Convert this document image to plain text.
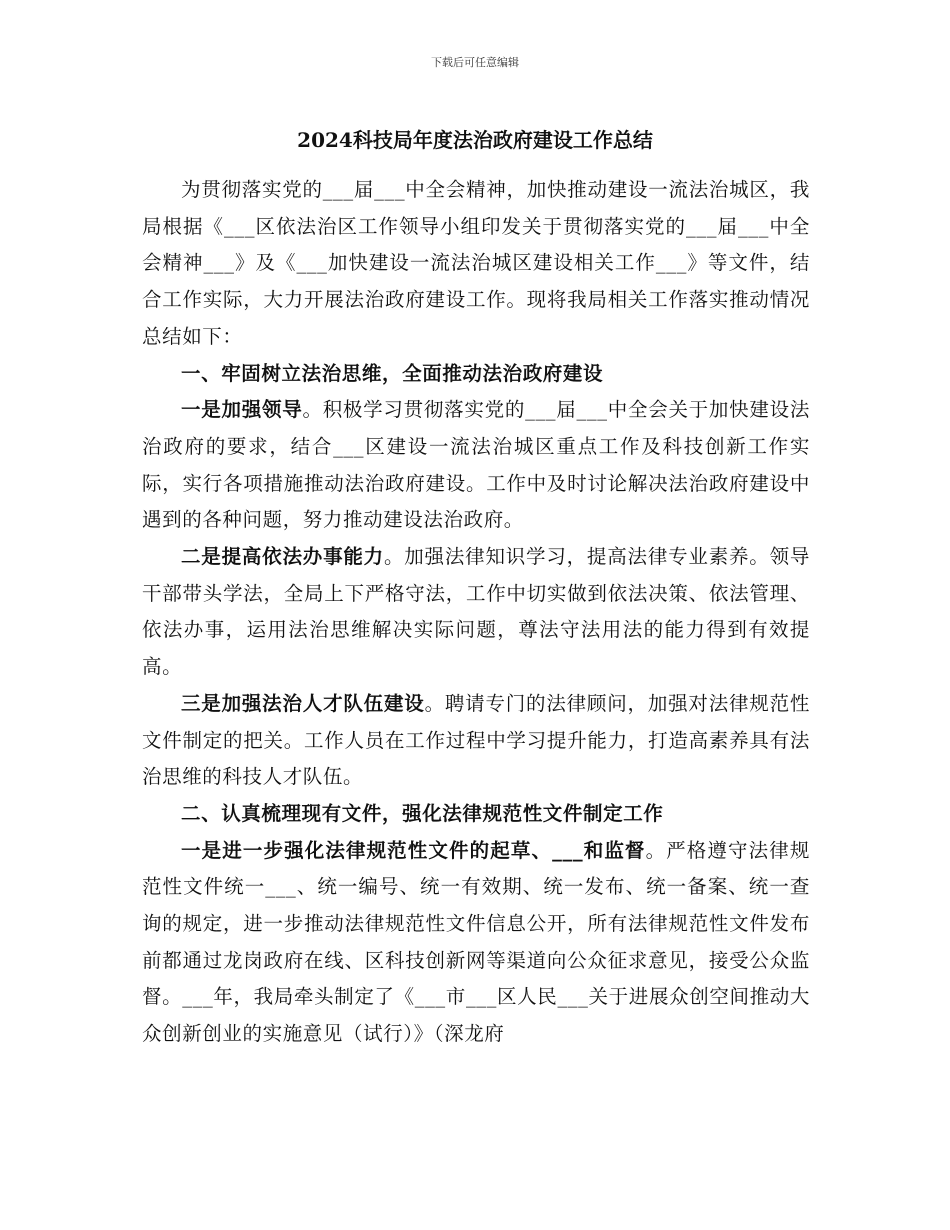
下载后可任意编辑
2024科技局年度法治政府建设工作总结

为贯彻落实党的___届___中全会精神，加快推动建设一流法治城区，我局根据《___区依法治区工作领导小组印发关于贯彻落实党的___届___中全会精神___》及《___加快建设一流法治城区建设相关工作___》等文件，结合工作实际，大力开展法治政府建设工作。现将我局相关工作落实推动情况总结如下：

一、牢固树立法治思维，全面推动法治政府建设

一是加强领导。积极学习贯彻落实党的___届___中全会关于加快建设法治政府的要求，结合___区建设一流法治城区重点工作及科技创新工作实际，实行各项措施推动法治政府建设。工作中及时讨论解决法治政府建设中遇到的各种问题，努力推动建设法治政府。

二是提高依法办事能力。加强法律知识学习，提高法律专业素养。领导干部带头学法，全局上下严格守法，工作中切实做到依法决策、依法管理、依法办事，运用法治思维解决实际问题，尊法守法用法的能力得到有效提高。

三是加强法治人才队伍建设。聘请专门的法律顾问，加强对法律规范性文件制定的把关。工作人员在工作过程中学习提升能力，打造高素养具有法治思维的科技人才队伍。

二、认真梳理现有文件，强化法律规范性文件制定工作

一是进一步强化法律规范性文件的起草、___和监督。严格遵守法律规范性文件统一___、统一编号、统一有效期、统一发布、统一备案、统一查询的规定，进一步推动法律规范性文件信息公开，所有法律规范性文件发布前都通过龙岗政府在线、区科技创新网等渠道向公众征求意见，接受公众监督。___年，我局牵头制定了《___市___区人民___关于进展众创空间推动大众创新创业的实施意见（试行）》（深龙府
